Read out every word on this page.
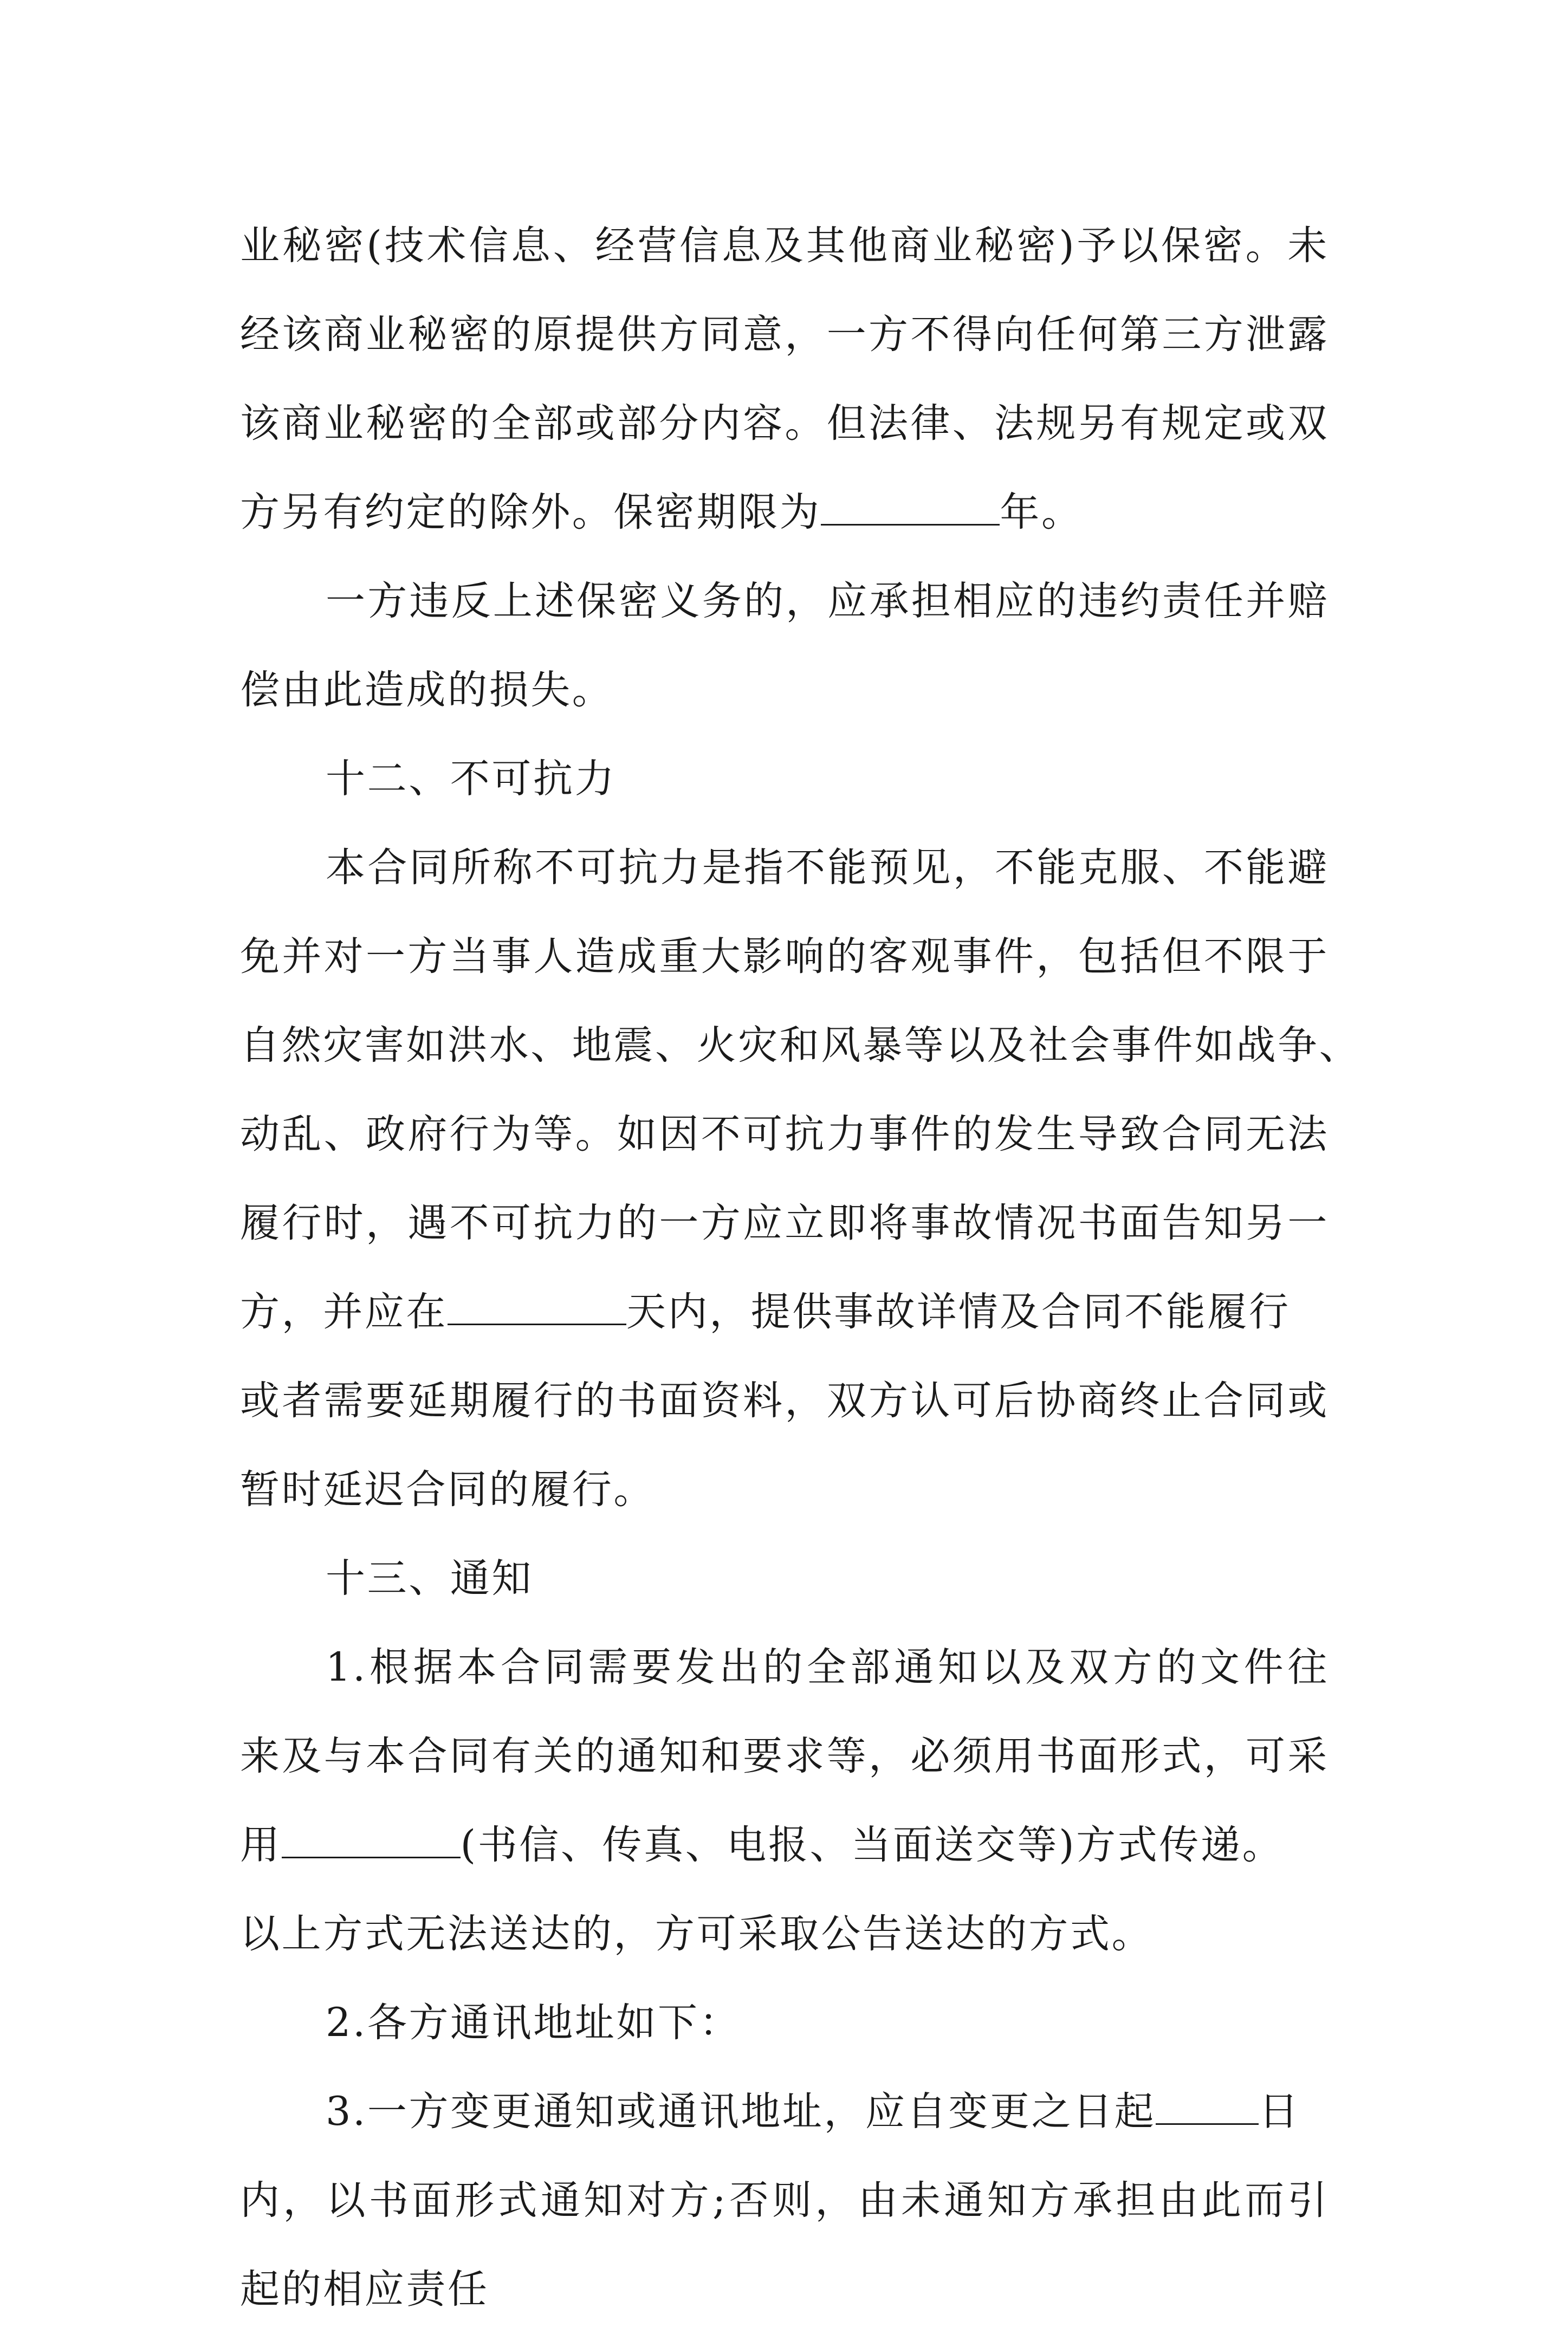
业秘密(技术信息、经营信息及其他商业秘密)予以保密。未
经该商业秘密的原提供方同意，一方不得向任何第三方泄露
该商业秘密的全部或部分内容。但法律、法规另有规定或双
方另有约定的除外。保密期限为	年。
一方违反上述保密义务的，应承担相应的违约责任并赔
偿由此造成的损失。
十二、不可抗力
本合同所称不可抗力是指不能预见，不能克服、不能避
免并对一方当事人造成重大影响的客观事件，包括但不限于
自然灾害如洪水、地震、火灾和风暴等以及社会事件如战争、
动乱、政府行为等。如因不可抗力事件的发生导致合同无法
履行时，遇不可抗力的一方应立即将事故情况书面告知另一
方，并应在	天内，提供事故详情及合同不能履行
或者需要延期履行的书面资料，双方认可后协商终止合同或
暂时延迟合同的履行。
十三、通知
1.根据本合同需要发出的全部通知以及双方的文件往
来及与本合同有关的通知和要求等，必须用书面形式，可采
用	(书信、传真、电报、当面送交等)方式传递。
以上方式无法送达的，方可采取公告送达的方式。
2.各方通讯地址如下：
3.一方变更通知或通讯地址，应自变更之日起	日
内，以书面形式通知对方;否则，由未通知方承担由此而引
起的相应责任
